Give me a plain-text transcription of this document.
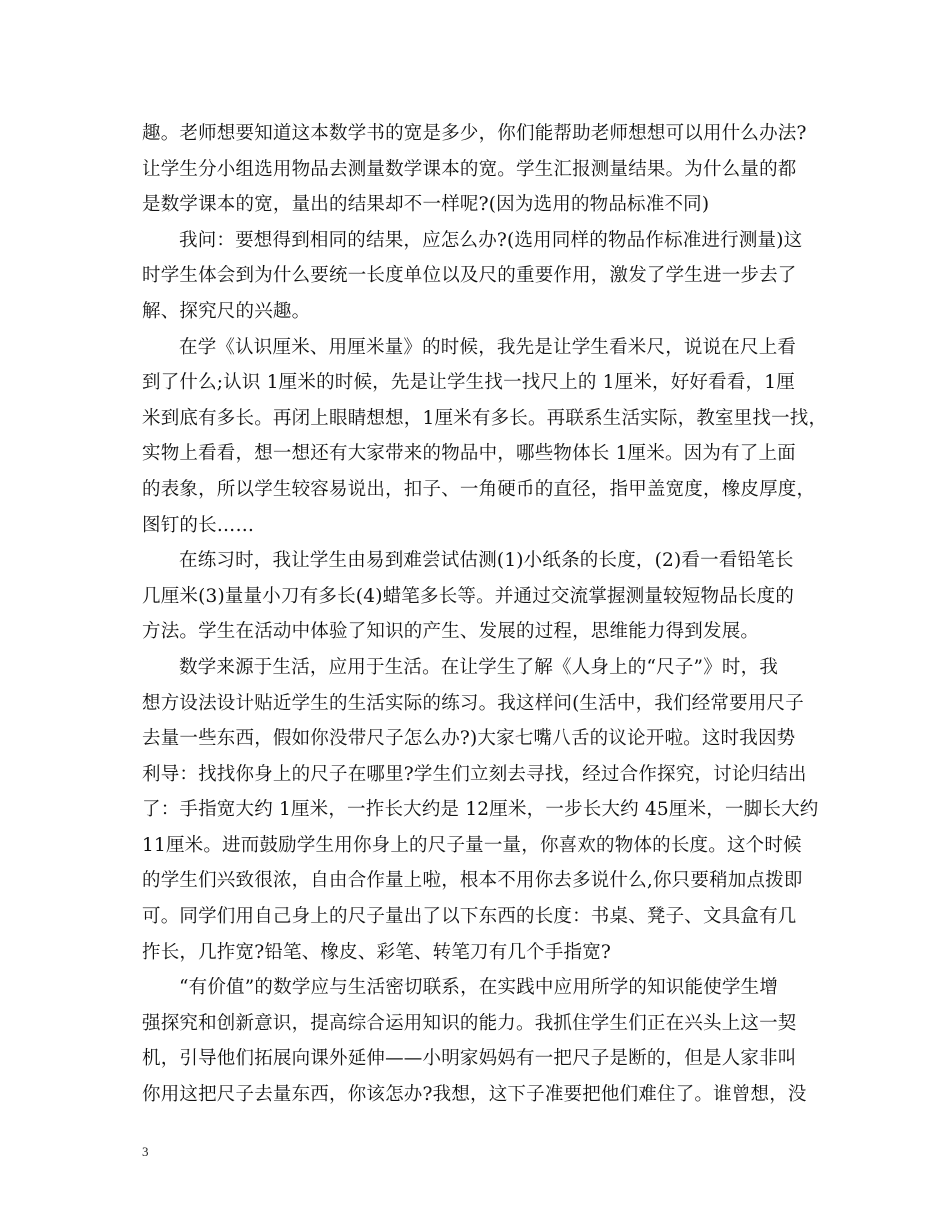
趣。老师想要知道这本数学书的宽是多少，你们能帮助老师想想可以用什么办法?
让学生分小组选用物品去测量数学课本的宽。学生汇报测量结果。为什么量的都
是数学课本的宽，量出的结果却不一样呢?(因为选用的物品标准不同)
我问：要想得到相同的结果，应怎么办?(选用同样的物品作标准进行测量)这
时学生体会到为什么要统一长度单位以及尺的重要作用，激发了学生进一步去了
解、探究尺的兴趣。
在学《认识厘米、用厘米量》的时候，我先是让学生看米尺，说说在尺上看
到了什么;认识 1厘米的时候，先是让学生找一找尺上的 1厘米，好好看看，1厘
米到底有多长。再闭上眼睛想想，1厘米有多长。再联系生活实际，教室里找一找，
实物上看看，想一想还有大家带来的物品中，哪些物体长 1厘米。因为有了上面
的表象，所以学生较容易说出，扣子、一角硬币的直径，指甲盖宽度，橡皮厚度，
图钉的长……
在练习时，我让学生由易到难尝试估测(1)小纸条的长度，(2)看一看铅笔长
几厘米(3)量量小刀有多长(4)蜡笔多长等。并通过交流掌握测量较短物品长度的
方法。学生在活动中体验了知识的产生、发展的过程，思维能力得到发展。
数学来源于生活，应用于生活。在让学生了解《人身上的“尺子”》时，我
想方设法设计贴近学生的生活实际的练习。我这样问(生活中，我们经常要用尺子
去量一些东西，假如你没带尺子怎么办?)大家七嘴八舌的议论开啦。这时我因势
利导：找找你身上的尺子在哪里?学生们立刻去寻找，经过合作探究，讨论归结出
了：手指宽大约 1厘米，一拃长大约是 12厘米，一步长大约 45厘米，一脚长大约
11厘米。进而鼓励学生用你身上的尺子量一量，你喜欢的物体的长度。这个时候
的学生们兴致很浓，自由合作量上啦，根本不用你去多说什么,你只要稍加点拨即
可。同学们用自己身上的尺子量出了以下东西的长度：书桌、凳子、文具盒有几
拃长，几拃宽?铅笔、橡皮、彩笔、转笔刀有几个手指宽?
“有价值”的数学应与生活密切联系，在实践中应用所学的知识能使学生增
强探究和创新意识，提高综合运用知识的能力。我抓住学生们正在兴头上这一契
机，引导他们拓展向课外延伸——小明家妈妈有一把尺子是断的，但是人家非叫
你用这把尺子去量东西，你该怎办?我想，这下子准要把他们难住了。谁曾想，没
3
